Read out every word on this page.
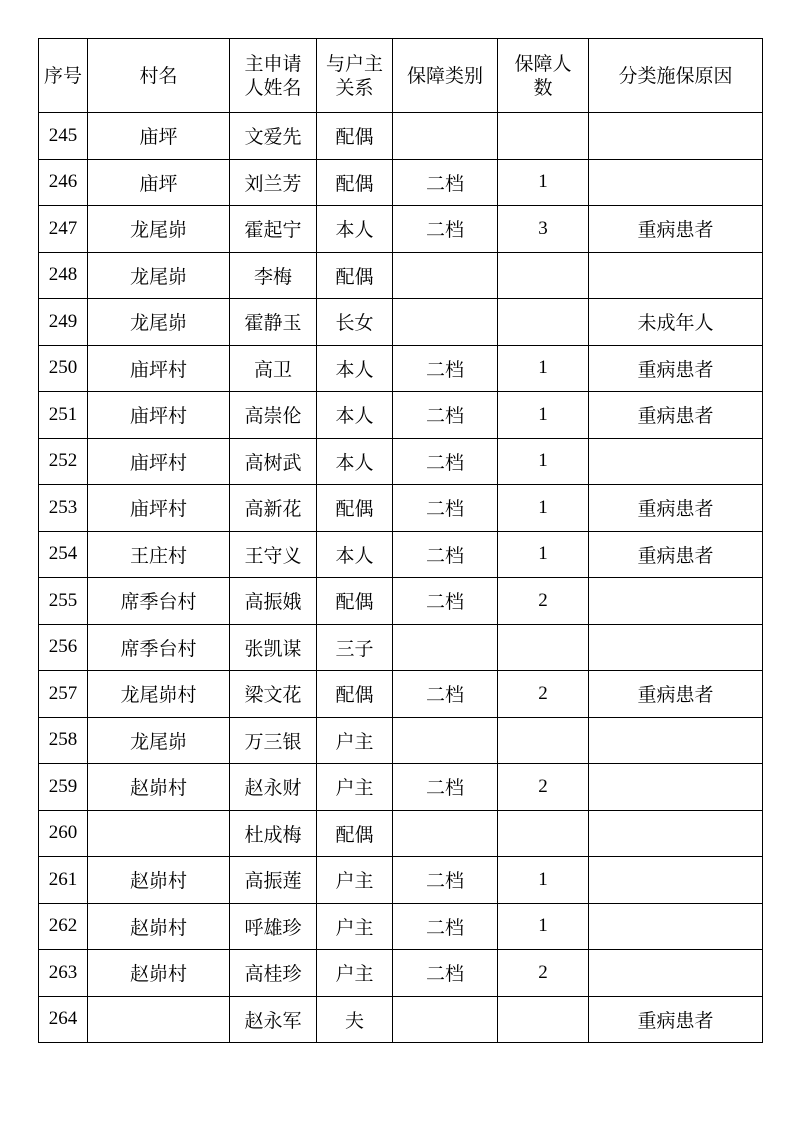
序号	村名	主申请人姓名	与户主关系	保障类别	保障人数	分类施保原因
245	庙坪	文爱先	配偶			
246	庙坪	刘兰芳	配偶	二档	1	
247	龙尾峁	霍起宁	本人	二档	3	重病患者
248	龙尾峁	李梅	配偶			
249	龙尾峁	霍静玉	长女			未成年人
250	庙坪村	高卫	本人	二档	1	重病患者
251	庙坪村	高崇伦	本人	二档	1	重病患者
252	庙坪村	高树武	本人	二档	1	
253	庙坪村	高新花	配偶	二档	1	重病患者
254	王庄村	王守义	本人	二档	1	重病患者
255	席季台村	高振娥	配偶	二档	2	
256	席季台村	张凯谋	三子			
257	龙尾峁村	梁文花	配偶	二档	2	重病患者
258	龙尾峁	万三银	户主			
259	赵峁村	赵永财	户主	二档	2	
260		杜成梅	配偶			
261	赵峁村	高振莲	户主	二档	1	
262	赵峁村	呼雄珍	户主	二档	1	
263	赵峁村	高桂珍	户主	二档	2	
264		赵永军	夫			重病患者
